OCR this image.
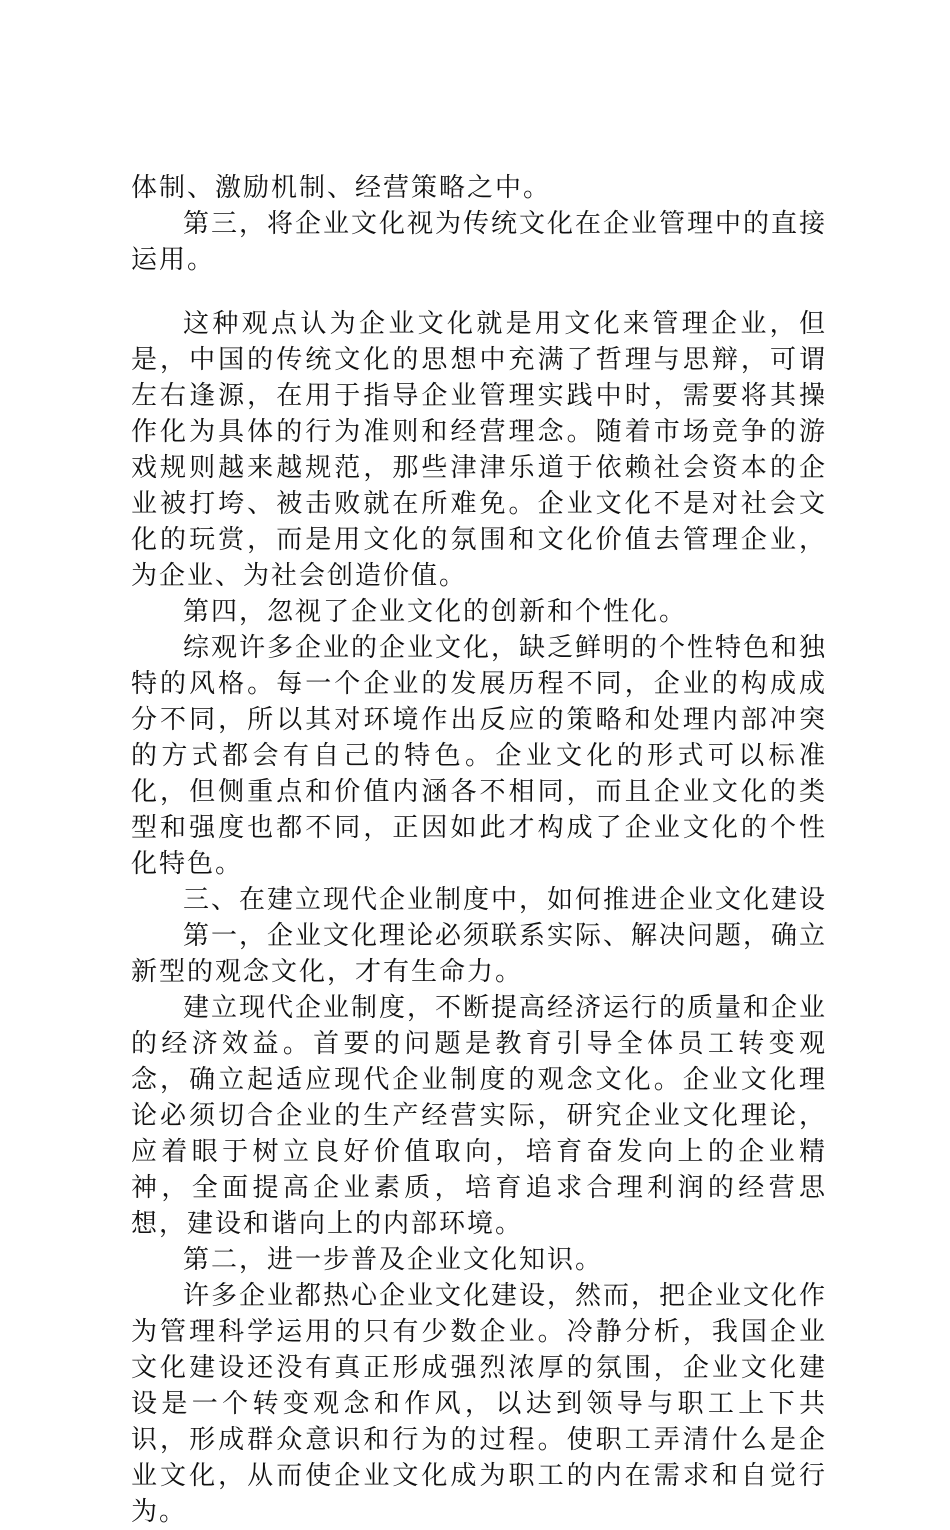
体制、激励机制、经营策略之中。

第三，将企业文化视为传统文化在企业管理中的直接运用。

这种观点认为企业文化就是用文化来管理企业，但是，中国的传统文化的思想中充满了哲理与思辩，可谓左右逢源，在用于指导企业管理实践中时，需要将其操作化为具体的行为准则和经营理念。随着市场竞争的游戏规则越来越规范，那些津津乐道于依赖社会资本的企业被打垮、被击败就在所难免。企业文化不是对社会文化的玩赏，而是用文化的氛围和文化价值去管理企业，为企业、为社会创造价值。

第四，忽视了企业文化的创新和个性化。

综观许多企业的企业文化，缺乏鲜明的个性特色和独特的风格。每一个企业的发展历程不同，企业的构成成分不同，所以其对环境作出反应的策略和处理内部冲突的方式都会有自己的特色。企业文化的形式可以标准化，但侧重点和价值内涵各不相同，而且企业文化的类型和强度也都不同，正因如此才构成了企业文化的个性化特色。

三、在建立现代企业制度中，如何推进企业文化建设

第一，企业文化理论必须联系实际、解决问题，确立新型的观念文化，才有生命力。

建立现代企业制度，不断提高经济运行的质量和企业的经济效益。首要的问题是教育引导全体员工转变观念，确立起适应现代企业制度的观念文化。企业文化理论必须切合企业的生产经营实际，研究企业文化理论，应着眼于树立良好价值取向，培育奋发向上的企业精神，全面提高企业素质，培育追求合理利润的经营思想，建设和谐向上的内部环境。

第二，进一步普及企业文化知识。

许多企业都热心企业文化建设，然而，把企业文化作为管理科学运用的只有少数企业。冷静分析，我国企业文化建设还没有真正形成强烈浓厚的氛围，企业文化建设是一个转变观念和作风，以达到领导与职工上下共识，形成群众意识和行为的过程。使职工弄清什么是企业文化，从而使企业文化成为职工的内在需求和自觉行为。
